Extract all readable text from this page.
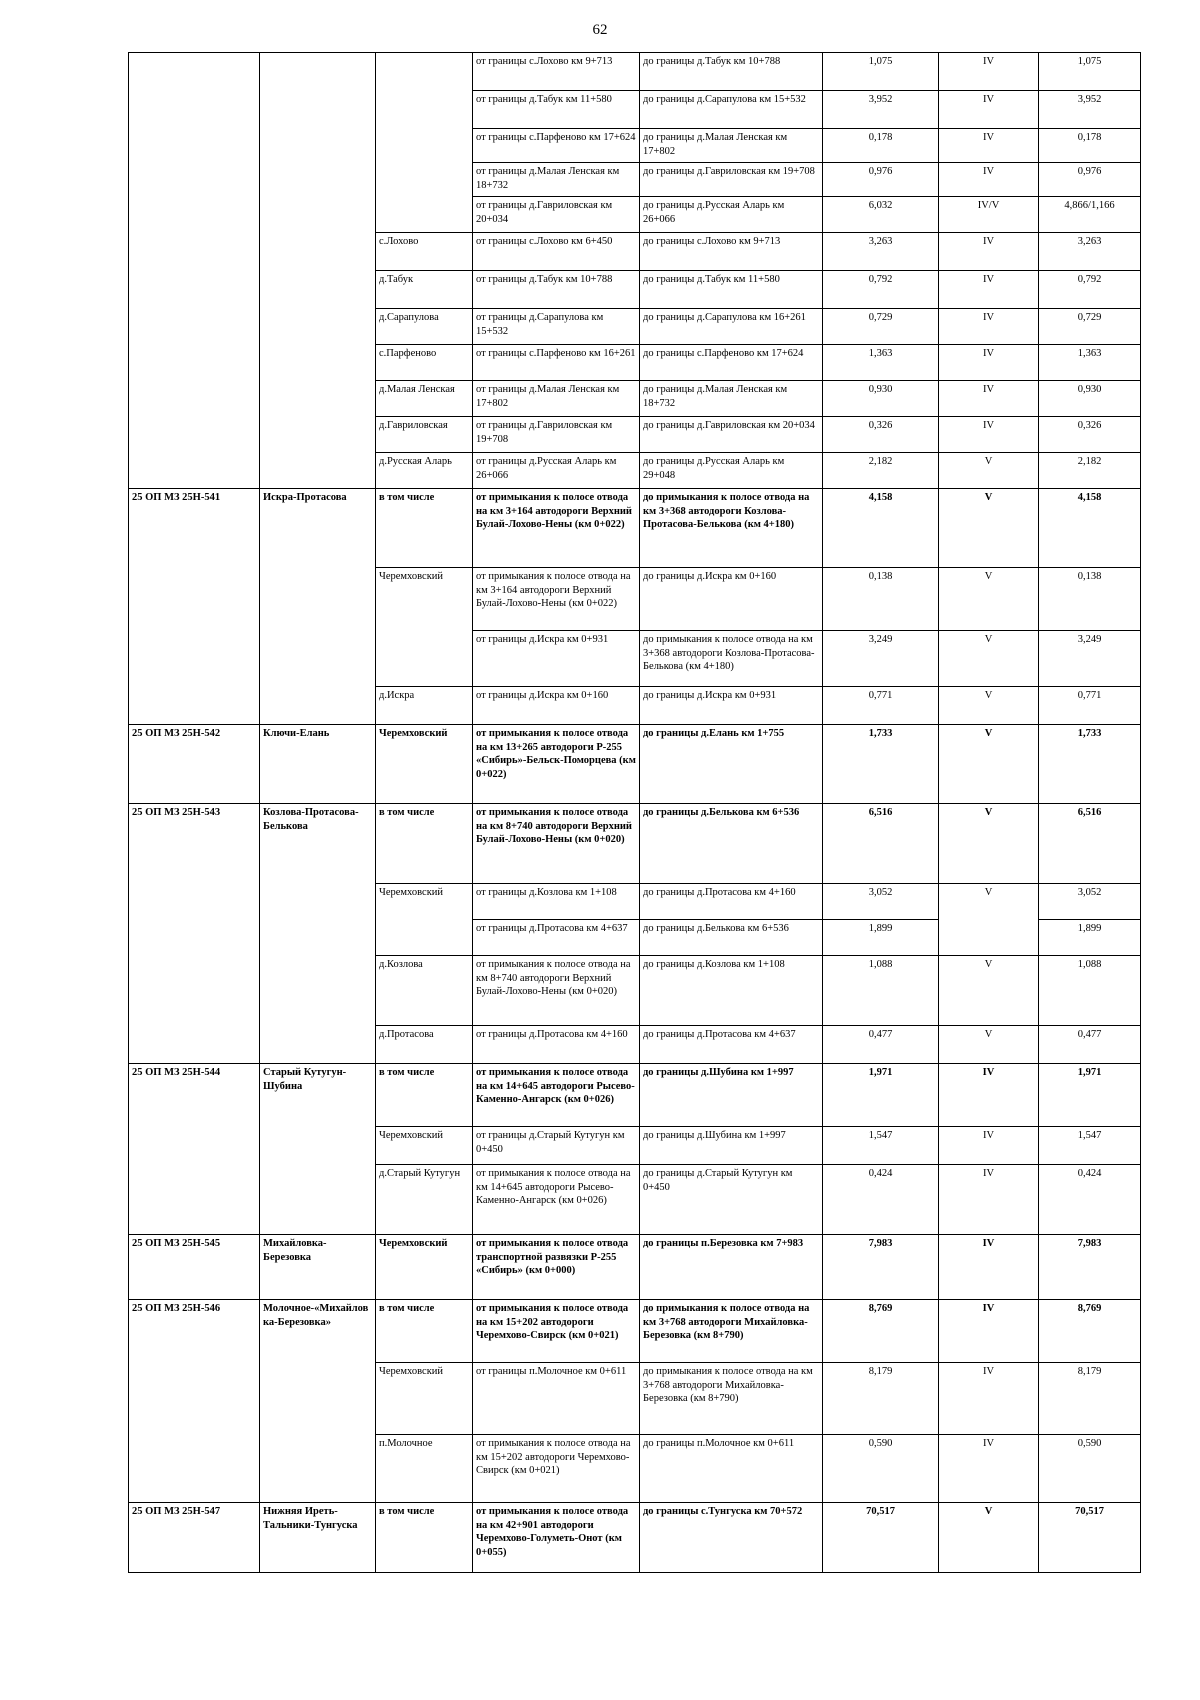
62
			от границы с.Лохово км 9+713	до границы д.Табук км 10+788	1,075	IV	1,075
			от границы д.Табук км 11+580	до границы д.Сарапулова км 15+532	3,952	IV	3,952
			от границы с.Парфеново км 17+624	до границы д.Малая Ленская км 17+802	0,178	IV	0,178
			от границы д.Малая Ленская км 18+732	до границы д.Гавриловская км 19+708	0,976	IV	0,976
			от границы д.Гавриловская км 20+034	до границы д.Русская Аларь км 26+066	6,032	IV/V	4,866/1,166
		с.Лохово	от границы с.Лохово км 6+450	до границы с.Лохово км 9+713	3,263	IV	3,263
		д.Табук	от границы д.Табук км 10+788	до границы д.Табук км 11+580	0,792	IV	0,792
		д.Сарапулова	от границы д.Сарапулова км 15+532	до границы д.Сарапулова км 16+261	0,729	IV	0,729
		с.Парфеново	от границы с.Парфеново км 16+261	до границы с.Парфеново км 17+624	1,363	IV	1,363
		д.Малая Ленская	от границы д.Малая Ленская км 17+802	до границы д.Малая Ленская км 18+732	0,930	IV	0,930
		д.Гавриловская	от границы д.Гавриловская км 19+708	до границы д.Гавриловская км 20+034	0,326	IV	0,326
		д.Русская Аларь	от границы д.Русская Аларь км 26+066	до границы д.Русская Аларь км 29+048	2,182	V	2,182
25 ОП МЗ 25Н-541	Искра-Протасова	в том числе	от примыкания к полосе отвода на км 3+164 автодороги Верхний Булай-Лохово-Нены (км 0+022)	до примыкания к полосе отвода на км 3+368 автодороги Козлова-Протасова-Белькова (км 4+180)	4,158	V	4,158
		Черемховский	от примыкания к полосе отвода на км 3+164 автодороги Верхний Булай-Лохово-Нены (км 0+022)	до границы д.Искра км 0+160	0,138	V	0,138
			от границы д.Искра км 0+931	до примыкания к полосе отвода на км 3+368 автодороги Козлова-Протасова-Белькова (км 4+180)	3,249	V	3,249
		д.Искра	от границы д.Искра км 0+160	до границы д.Искра км 0+931	0,771	V	0,771
25 ОП МЗ 25Н-542	Ключи-Елань	Черемховский	от примыкания к полосе отвода на км 13+265 автодороги Р-255 «Сибирь»-Бельск-Поморцева (км 0+022)	до границы д.Елань км 1+755	1,733	V	1,733
25 ОП МЗ 25Н-543	Козлова-Протасова-Белькова	в том числе	от примыкания к полосе отвода на км 8+740 автодороги Верхний Булай-Лохово-Нены (км 0+020)	до границы д.Белькова км 6+536	6,516	V	6,516
		Черемховский	от границы д.Козлова км 1+108	до границы д.Протасова км 4+160	3,052	V	3,052
			от границы д.Протасова км 4+637	до границы д.Белькова км 6+536	1,899		1,899
		д.Козлова	от примыкания к полосе отвода на км 8+740 автодороги Верхний Булай-Лохово-Нены (км 0+020)	до границы д.Козлова км 1+108	1,088	V	1,088
		д.Протасова	от границы д.Протасова км 4+160	до границы д.Протасова км 4+637	0,477	V	0,477
25 ОП МЗ 25Н-544	Старый Кутугун-Шубина	в том числе	от примыкания к полосе отвода на км 14+645 автодороги Рысево-Каменно-Ангарск (км 0+026)	до границы д.Шубина км 1+997	1,971	IV	1,971
		Черемховский	от границы д.Старый Кутугун км 0+450	до границы д.Шубина км 1+997	1,547	IV	1,547
		д.Старый Кутугун	от примыкания к полосе отвода на км 14+645 автодороги Рысево-Каменно-Ангарск (км 0+026)	до границы д.Старый Кутугун км 0+450	0,424	IV	0,424
25 ОП МЗ 25Н-545	Михайловка-Березовка	Черемховский	от примыкания к полосе отвода транспортной развязки Р-255 «Сибирь» (км 0+000)	до границы п.Березовка км 7+983	7,983	IV	7,983
25 ОП МЗ 25Н-546	Молочное-«Михайловка-Березовка»	в том числе	от примыкания к полосе отвода на км 15+202 автодороги Черемхово-Свирск (км 0+021)	до примыкания к полосе отвода на км 3+768 автодороги Михайловка-Березовка (км 8+790)	8,769	IV	8,769
		Черемховский	от границы п.Молочное км 0+611	до примыкания к полосе отвода на км 3+768 автодороги Михайловка-Березовка (км 8+790)	8,179	IV	8,179
		п.Молочное	от примыкания к полосе отвода на км 15+202 автодороги Черемхово-Свирск (км 0+021)	до границы п.Молочное км 0+611	0,590	IV	0,590
25 ОП МЗ 25Н-547	Нижняя Иреть-Тальники-Тунгуска	в том числе	от примыкания к полосе отвода на км 42+901 автодороги Черемхово-Голуметь-Онот (км 0+055)	до границы с.Тунгуска км 70+572	70,517	V	70,517
